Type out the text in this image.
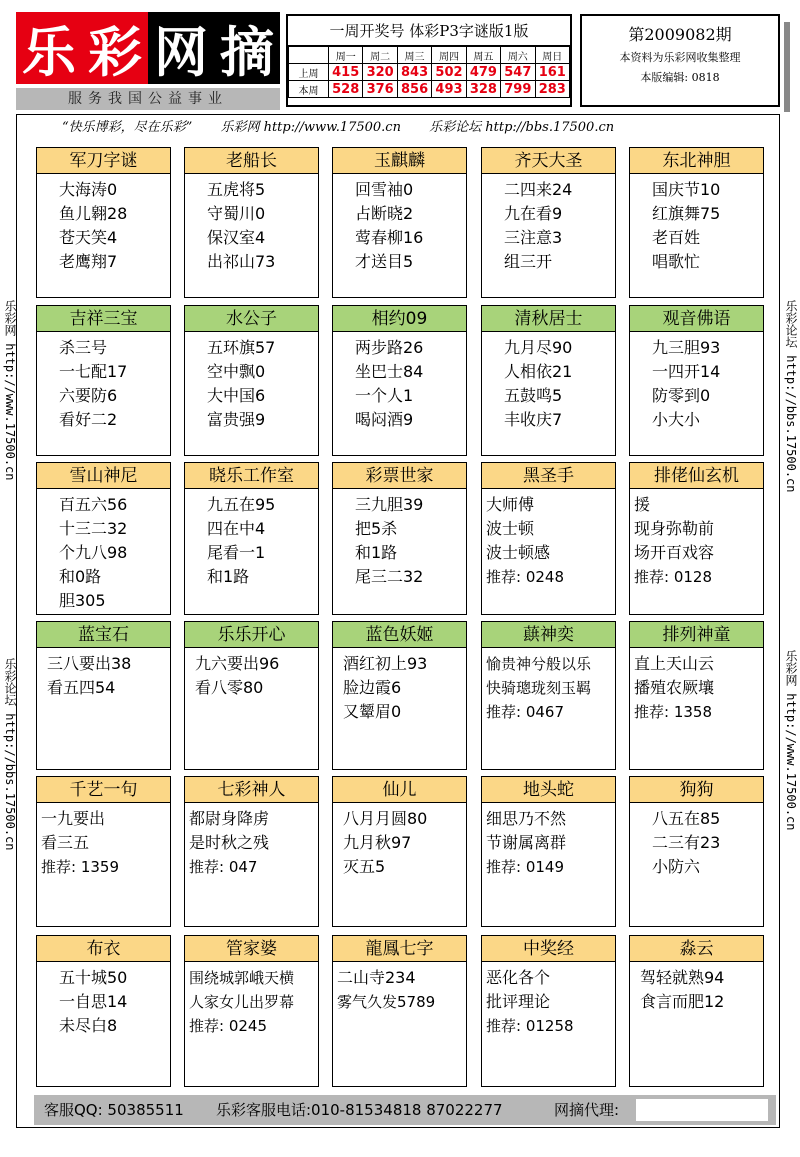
乐 彩 网 摘
服务我国公益事业
一周开奖号 体彩P3字谜版1版
	周一	周二	周三	周四	周五	周六	周日
上周	415	320	843	502	479	547	161
本周	528	376	856	493	328	799	283
第2009082期
本资料为乐彩网收集整理
本版编辑: 0818
“快乐博彩，尽在乐彩” 乐彩网 http://www.17500.cn 乐彩论坛 http://bbs.17500.cn
乐彩网 http://www.17500.cn
乐彩论坛 http://bbs.17500.cn
乐彩论坛 http://bbs.17500.cn
乐彩网 http://www.17500.cn
军刀字谜
大海涛0
鱼儿翱28
苍天笑4
老鹰翔7
老船长
五虎将5
守蜀川0
保汉室4
出祁山73
玉麒麟
回雪袖0
占断晓2
莺春柳16
才送目5
齐天大圣
二四来24
九在看9
三注意3
组三开
东北神胆
国庆节10
红旗舞75
老百姓
唱歌忙
吉祥三宝
杀三号
一七配17
六要防6
看好二2
水公子
五环旗57
空中飘0
大中国6
富贵强9
相约09
两步路26
坐巴士84
一个人1
喝闷酒9
清秋居士
九月尽90
人相依21
五鼓鸣5
丰收庆7
观音佛语
九三胆93
一四开14
防零到0
小大小
雪山神尼
百五六56
十三二32
个九八98
和0路
胆305
晓乐工作室
九五在95
四在中4
尾看一1
和1路
彩票世家
三九胆39
把5杀
和1路
尾三二32
黑圣手
大师傅
波士顿
波士顿感
推荐: 0248
排佬仙玄机
援
现身弥勒前
场开百戏容
推荐: 0128
蓝宝石
三八要出38
看五四54
乐乐开心
九六要出96
看八零80
蓝色妖姬
酒红初上93
脸边霞6
又颦眉0
蕻神奕
愉贵神兮般以乐
快骑璁珑刻玉羁
推荐: 0467
排列神童
直上天山云
播殖农厥壤
推荐: 1358
千艺一句
一九要出
看三五
推荐: 1359
七彩神人
都尉身降虏
是时秋之残
推荐: 047
仙儿
八月月圆80
九月秋97
灭五5
地头蛇
细思乃不然
节谢属离群
推荐: 0149
狗狗
八五在85
二三有23
小防六
布衣
五十城50
一自思14
未尽白8
管家婆
围绕城郭峨天横
人家女儿出罗幕
推荐: 0245
龍鳳七字
二山寺234
雾气久发5789
中奖经
恶化各个
批评理论
推荐: 01258
淼云
驾轻就熟94
食言而肥12
客服QQ: 50385511 乐彩客服电话:010-81534818 87022277	网摘代理:
